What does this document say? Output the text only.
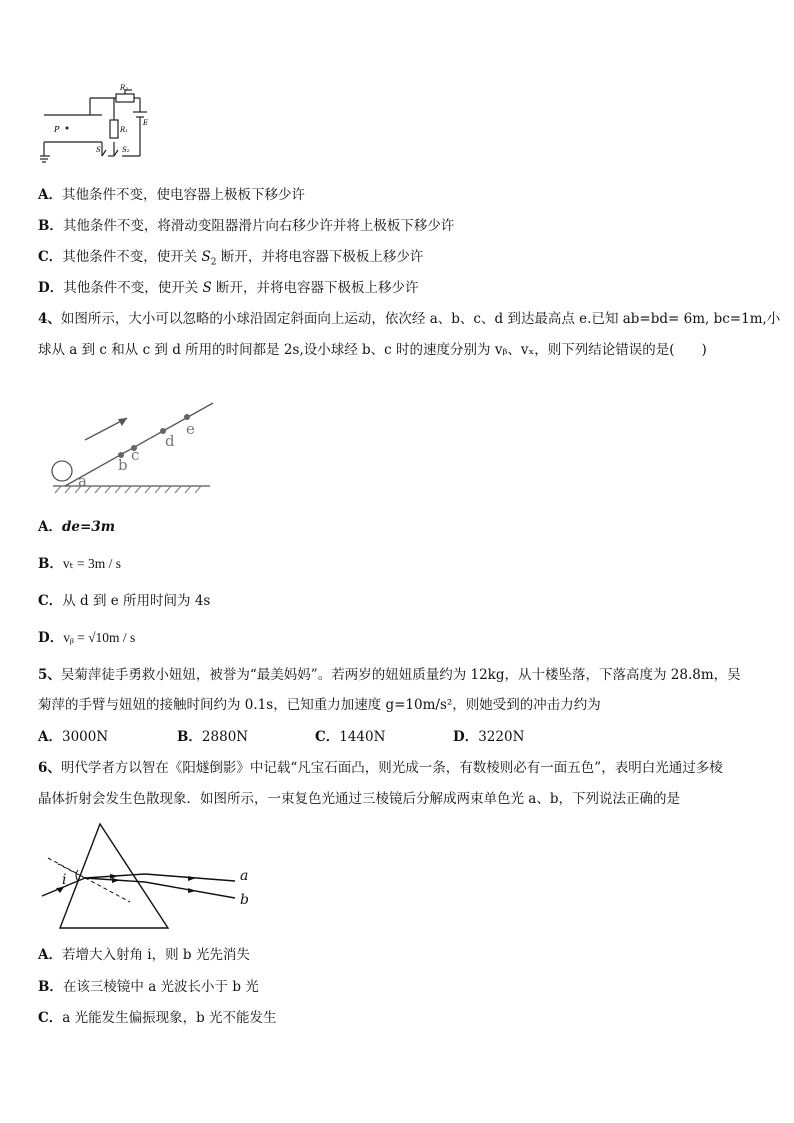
P
R₂
R₁
E
S	S₂
A．其他条件不变，使电容器上极板下移少许
B．其他条件不变，将滑动变阻器滑片向右移少许并将上极板下移少许
C．其他条件不变，使开关 $S_2$ 断开，并将电容器下极板上移少许
D．其他条件不变，使开关 S 断开，并将电容器下极板上移少许
4、如图所示，大小可以忽略的小球沿固定斜面向上运动，依次经 a、b、c、d 到达最高点 e.已知 ab=bd= 6m, bc=1m,小
球从 a 到 c 和从 c 到 d 所用的时间都是 2s,设小球经 b、c 时的速度分别为 vᵦ、vₓ，则下列结论错误的是(　　)
a
b
c
d
e
A．de=3m
B．vₜ = 3m / s
C．从 d 到 e 所用时间为 4s
D．vᵦ = √10m / s
5、吴菊萍徒手勇救小妞妞，被誉为“最美妈妈”。若两岁的妞妞质量约为 12kg，从十楼坠落，下落高度为 28.8m，吴
菊萍的手臂与妞妞的接触时间约为 0.1s，已知重力加速度 g=10m/s²，则她受到的冲击力约为
A．3000N	B．2880N	C．1440N	D．3220N
6、明代学者方以智在《阳燧倒影》中记载“凡宝石面凸，则光成一条，有数棱则必有一面五色”，表明白光通过多棱
晶体折射会发生色散现象．如图所示，一束复色光通过三棱镜后分解成两束单色光 a、b，下列说法正确的是
i	a
b
A．若增大入射角 i，则 b 光先消失
B．在该三棱镜中 a 光波长小于 b 光
C．a 光能发生偏振现象，b 光不能发生
